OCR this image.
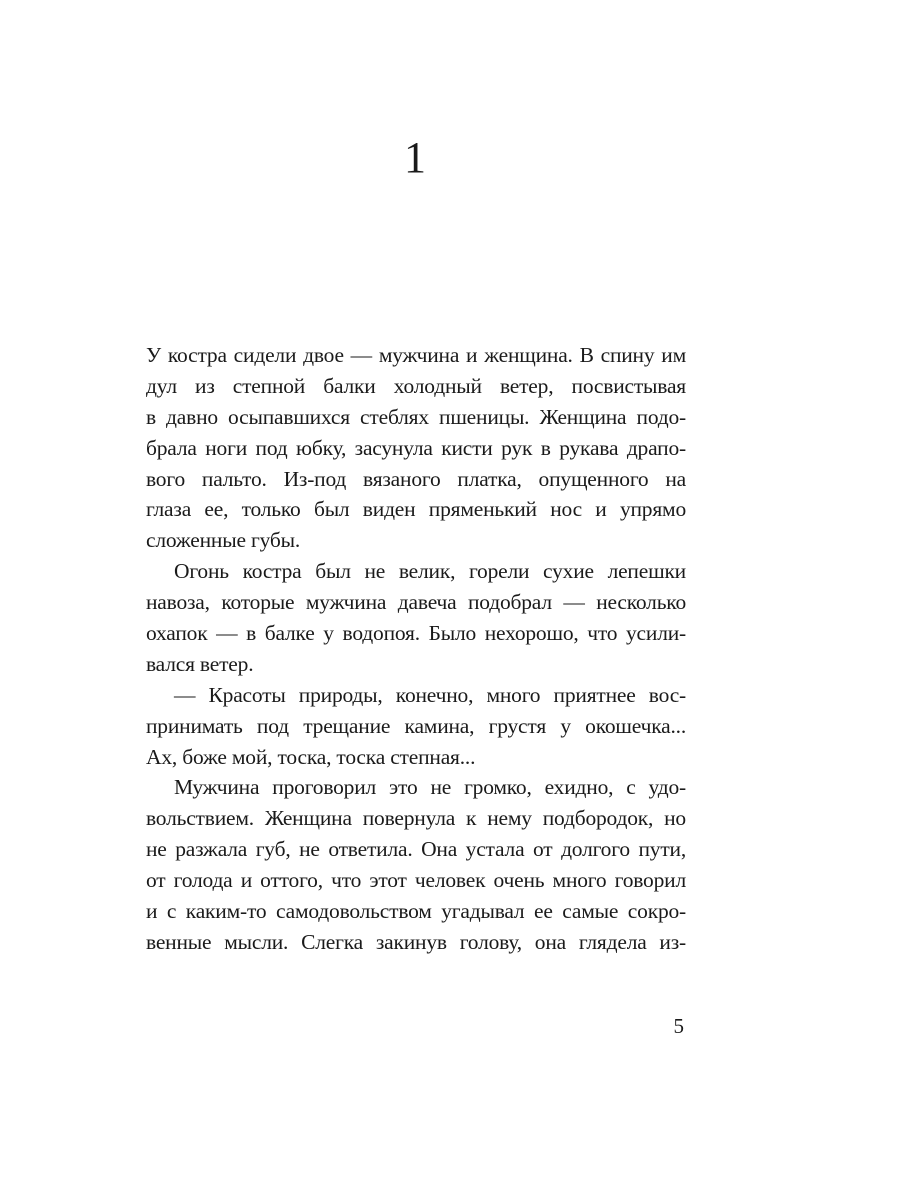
1
У костра сидели двое — мужчина и женщина. В спину им
дул из степной балки холодный ветер, посвистывая
в давно осыпавшихся стеблях пшеницы. Женщина подо-
брала ноги под юбку, засунула кисти рук в рукава драпо-
вого пальто. Из-под вязаного платка, опущенного на
глаза ее, только был виден пряменький нос и упрямо
сложенные губы.
Огонь костра был не велик, горели сухие лепешки
навоза, которые мужчина давеча подобрал — несколько
охапок — в балке у водопоя. Было нехорошо, что усили-
вался ветер.
— Красоты природы, конечно, много приятнее вос-
принимать под трещание камина, грустя у окошечка...
Ах, боже мой, тоска, тоска степная...
Мужчина проговорил это не громко, ехидно, с удо-
вольствием. Женщина повернула к нему подбородок, но
не разжала губ, не ответила. Она устала от долгого пути,
от голода и оттого, что этот человек очень много говорил
и с каким-то самодовольством угадывал ее самые сокро-
венные мысли. Слегка закинув голову, она глядела из-
5
